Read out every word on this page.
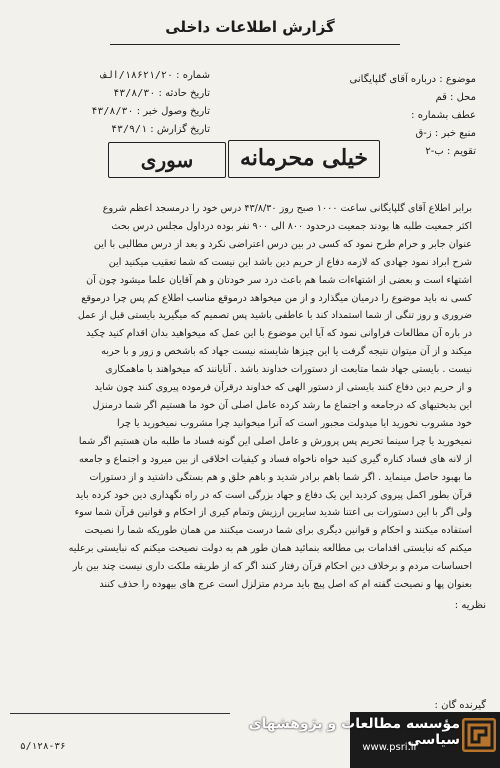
گزارش اطلاعات داخلی
موضوع : درباره آقای گلپایگانی
محل : قم
عطف بشماره :
منبع خبر : ز-ق
تقویم : ب-۲
شماره : ۱۸۶۲۱/۲۰/الف
تاریخ حادثه : ۴۳/۸/۳۰
تاریخ وصول خبر : ۴۳/۸/۳۰
تاریخ گزارش : ۴۳/۹/۱
خیلی محرمانه
سوری

برابر اطلاع آقای گلپایگانی ساعت ۱۰۰۰ صبح روز ۴۳/۸/۳۰ درس خود را درمسجد اعظم شروع

اکثر جمعیت طلبه ها بودند جمعیت درحدود ۸۰۰ الی ۹۰۰ نفر بوده درداول مجلس درس بحث

عنوان جابر و حرام طرح نمود که کسی در بین درس اعتراضی نکرد و بعد از درس مطالبی با این

شرح ابراد نمود جهادی که لازمه دفاع از حریم دین باشد این نیست که شما تعقیب میکنید این

اشتهاء است و بعضی از اشتهاءات شما هم باعث درد سر خودتان و هم آقایان علما میشود چون آن

کسی نه باید موضوع را درمیان میگذارد و از من میخواهد درموقع مناسب اطلاع کم پس چرا درموقع

ضروری و روز تنگی از شما استمداد کند با عاطفی باشید پس تصمیم که میگیرید بایستی قبل از عمل

در باره آن مطالعات فراوانی نمود که آیا این موضوع با این عمل که میخواهید بدان اقدام کنید چکید

میکند و از آن میتوان نتیجه گرفت یا این چیزها شایسته نیست جهاد که باشخص و زور و با حربه

نیست . بایستی جهاد شما متابعت از دستورات خداوند باشد . آنایانند که میخواهند با ماهمکاری

و از حریم دین دفاع کنند بایستی از دستور الهی که خداوند درقرآن فرموده پیروی کنند چون شاید

این بدبختیهای که درجامعه و اجتماع ما رشد کرده عامل اصلی آن خود ما هستیم اگر شما درمنزل

خود مشروب نخورید ایا میدولت مجبور است که آنرا میخوانید چرا مشروب نمیخورید یا چرا

نمیخورید یا چرا سینما تحریم پس پرورش و عامل اصلی این گونه فساد ما طلبه مان هستیم اگر شما

از لانه های فساد کناره گیری کنید خواه ناخواه فساد و کیفیات اخلاقی از بین میرود و اجتماع و جامعه

ما بهبود حاصل مینماید . اگر شما باهم برادر شدید و باهم خلق و هم بستگی داشتید و از دستورات

قرآن بطور اکمل پیروی کردید این یک دفاع و جهاد بزرگی است که در راه نگهداری دین خود کرده باید

ولی اگر با این دستورات بی اعتنا شدید سایرین ارزیش وتمام کیری از احکام و قوانین قرآن شما سوء

استفاده میکنند و احکام و قوانین دیگری برای شما درست میکنند من همان طوریکه شما را نصیحت

میکنم که نبایستی اقدامات بی مطالعه بنمائید همان طور هم به دولت نصیحت میکنم که نبایستی برعلیه

احساسات مردم و برخلاف دین احکام قرآن رفتار کنند اگر که از طریقه ملکت داری نیست چند بین بار

بعنوان پها و نصیحت گفته ام که اصل پیچ باید مردم متزلزل است عرج های بیهوده را حذف کنند

نظریه :
گیرنده گان :
۵/۱۲۸-۳۶
مؤسسه مطالعات و پژوهشهای سیاسی
www.psri.ir
